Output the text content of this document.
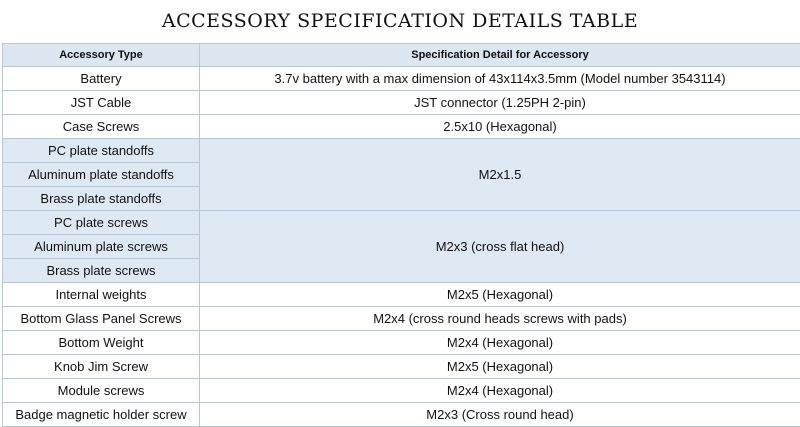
ACCESSORY SPECIFICATION DETAILS TABLE
Accessory Type	Specification Detail for Accessory
Battery	3.7v battery with a max dimension of 43x114x3.5mm (Model number 3543114)
JST Cable	JST connector (1.25PH 2-pin)
Case Screws	2.5x10 (Hexagonal)
PC plate standoffs	M2x1.5
Aluminum plate standoffs	
Brass plate standoffs	
PC plate screws	M2x3 (cross flat head)
Aluminum plate screws	
Brass plate screws	
Internal weights	M2x5 (Hexagonal)
Bottom Glass Panel Screws	M2x4 (cross round heads screws with pads)
Bottom Weight	M2x4 (Hexagonal)
Knob Jim Screw	M2x5 (Hexagonal)
Module screws	M2x4 (Hexagonal)
Badge magnetic holder screw	M2x3 (Cross round head)
